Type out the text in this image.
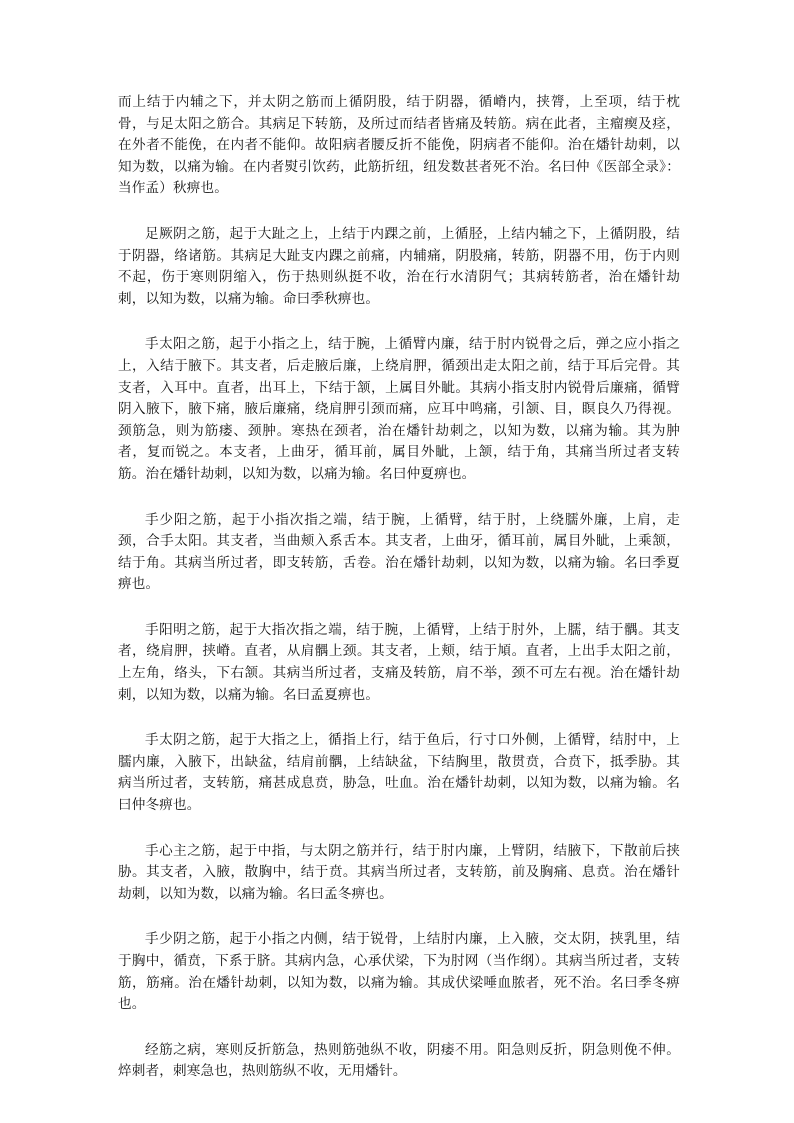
而上结于内辅之下，并太阴之筋而上循阴股，结于阴器，循嵴内，挟膂，上至项，结于枕骨，与足太阳之筋合。其病足下转筋，及所过而结者皆痛及转筋。病在此者，主瘤瘈及痉，在外者不能俛，在内者不能仰。故阳病者腰反折不能俛，阴病者不能仰。治在燔针劫刺，以知为数，以痛为输。在内者熨引饮药，此筋折纽，纽发数甚者死不治。名曰仲《医部全录》：当作孟）秋痹也。

足厥阴之筋，起于大趾之上，上结于内踝之前，上循胫，上结内辅之下，上循阴股，结于阴器，络诸筋。其病足大趾支内踝之前痛，内辅痛，阴股痛，转筋，阴器不用，伤于内则不起，伤于寒则阴缩入，伤于热则纵挺不收，治在行水清阴气；其病转筋者，治在燔针劫刺，以知为数，以痛为输。命曰季秋痹也。

手太阳之筋，起于小指之上，结于腕，上循臂内廉，结于肘内锐骨之后，弹之应小指之上，入结于腋下。其支者，后走腋后廉，上绕肩胛，循颈出走太阳之前，结于耳后完骨。其支者，入耳中。直者，出耳上，下结于颔，上属目外眦。其病小指支肘内锐骨后廉痛，循臂阴入腋下，腋下痛，腋后廉痛，绕肩胛引颈而痛，应耳中鸣痛，引颔、目，瞑良久乃得视。颈筋急，则为筋瘘、颈肿。寒热在颈者，治在燔针劫刺之，以知为数，以痛为输。其为肿者，复而锐之。本支者，上曲牙，循耳前，属目外眦，上颔，结于角，其痛当所过者支转筋。治在燔针劫刺，以知为数，以痛为输。名曰仲夏痹也。

手少阳之筋，起于小指次指之端，结于腕，上循臂，结于肘，上绕臑外廉，上肩，走颈，合手太阳。其支者，当曲颊入系舌本。其支者，上曲牙，循耳前，属目外眦，上乘颔，结于角。其病当所过者，即支转筋，舌卷。治在燔针劫刺，以知为数，以痛为输。名曰季夏痹也。

手阳明之筋，起于大指次指之端，结于腕，上循臂，上结于肘外，上臑，结于髃。其支者，绕肩胛，挟嵴。直者，从肩髃上颈。其支者，上颊，结于頄。直者，上出手太阳之前，上左角，络头，下右颔。其病当所过者，支痛及转筋，肩不举，颈不可左右视。治在燔针劫刺，以知为数，以痛为输。名曰孟夏痹也。

手太阴之筋，起于大指之上，循指上行，结于鱼后，行寸口外侧，上循臂，结肘中，上臑内廉，入腋下，出缺盆，结肩前髃，上结缺盆，下结胸里，散贯贲，合贲下，抵季胁。其病当所过者，支转筋，痛甚成息贲，胁急，吐血。治在燔针劫刺，以知为数，以痛为输。名曰仲冬痹也。

手心主之筋，起于中指，与太阴之筋并行，结于肘内廉，上臂阴，结腋下，下散前后挟胁。其支者，入腋，散胸中，结于贲。其病当所过者，支转筋，前及胸痛、息贲。治在燔针劫刺，以知为数，以痛为输。名曰孟冬痹也。

手少阴之筋，起于小指之内侧，结于锐骨，上结肘内廉，上入腋，交太阴，挟乳里，结于胸中，循贲，下系于脐。其病内急，心承伏梁，下为肘网（当作纲）。其病当所过者，支转筋，筋痛。治在燔针劫刺，以知为数，以痛为输。其成伏梁唾血脓者，死不治。名曰季冬痹也。

经筋之病，寒则反折筋急，热则筋弛纵不收，阴痿不用。阳急则反折，阴急则俛不伸。焠刺者，刺寒急也，热则筋纵不收，无用燔针。
